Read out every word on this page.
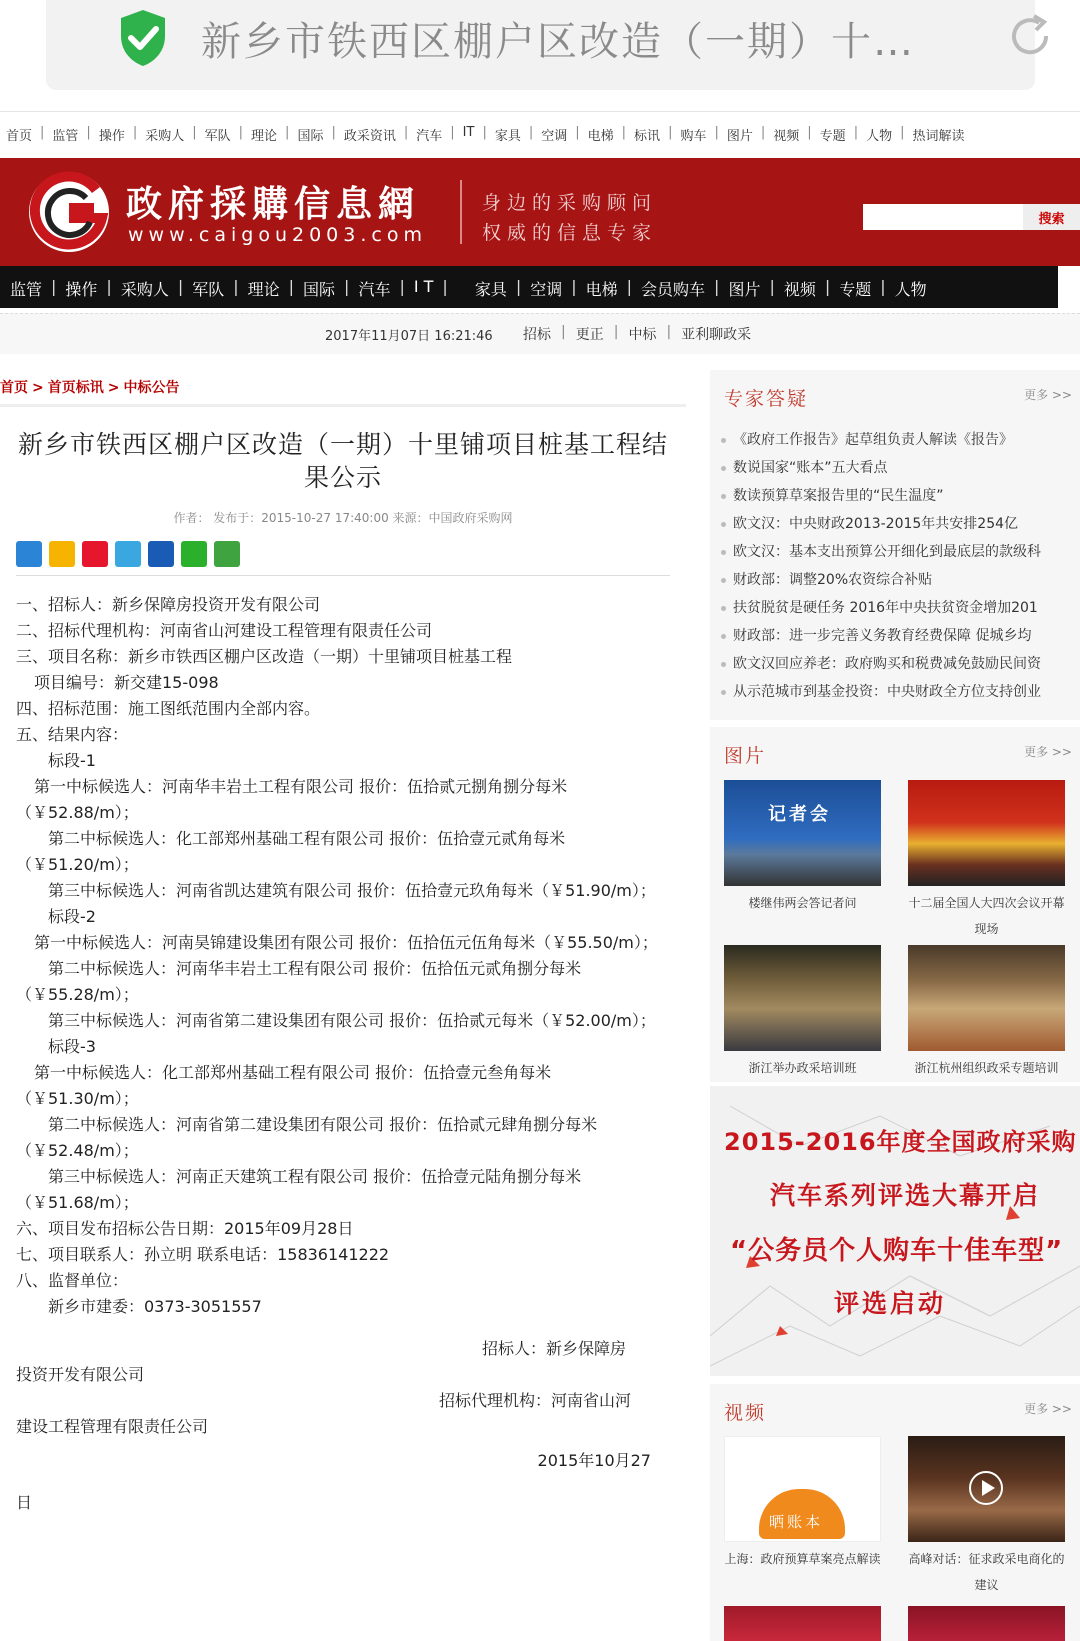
新乡市铁西区棚户区改造（一期）十…
首页 | 监管 | 操作 | 采购人 | 军队 | 理论 | 国际 | 政采资讯 | 汽车 | IT | 家具 | 空调 | 电梯 | 标讯 | 购车 | 图片 | 视频 | 专题 | 人物 | 热词解读
政府採購信息網
www.caigou2003.com
身边的采购顾问
权威的信息专家
搜索
监管 | 操作 | 采购人 | 军队 | 理论 | 国际 | 汽车 | I T | 家具 | 空调 | 电梯 | 会员购车 | 图片 | 视频 | 专题 | 人物
2017年11月07日 16:21:46 招标 | 更正 | 中标 | 亚利聊政采
首页 > 首页标讯 > 中标公告
新乡市铁西区棚户区改造（一期）十里铺项目桩基工程结果公示
作者： 发布于：2015-10-27 17:40:00 来源：中国政府采购网

一、招标人：新乡保障房投资开发有限公司

二、招标代理机构：河南省山河建设工程管理有限责任公司

三、项目名称：新乡市铁西区棚户区改造（一期）十里铺项目桩基工程

项目编号：新交建15-098

四、招标范围：施工图纸范围内全部内容。

五、结果内容：

标段-1

第一中标候选人：河南华丰岩土工程有限公司 报价：伍拾贰元捌角捌分每米（￥52.88/m）；

第二中标候选人：化工部郑州基础工程有限公司 报价：伍拾壹元贰角每米（￥51.20/m）；

第三中标候选人：河南省凯达建筑有限公司 报价：伍拾壹元玖角每米（￥51.90/m）；

标段-2

第一中标候选人：河南昊锦建设集团有限公司 报价：伍拾伍元伍角每米（￥55.50/m）；

第二中标候选人：河南华丰岩土工程有限公司 报价：伍拾伍元贰角捌分每米（￥55.28/m）；

第三中标候选人：河南省第二建设集团有限公司 报价：伍拾贰元每米（￥52.00/m）；

标段-3

第一中标候选人：化工部郑州基础工程有限公司 报价：伍拾壹元叁角每米（￥51.30/m）；

第二中标候选人：河南省第二建设集团有限公司 报价：伍拾贰元肆角捌分每米（￥52.48/m）；

第三中标候选人：河南正天建筑工程有限公司 报价：伍拾壹元陆角捌分每米（￥51.68/m）；

六、项目发布招标公告日期：2015年09月28日

七、项目联系人：孙立明 联系电话：15836141222

八、监督单位：

新乡市建委：0373-3051557

招标人：新乡保障房

投资开发有限公司

招标代理机构：河南省山河

建设工程管理有限责任公司

2015年10月27

日

专家答疑	更多 >>
《政府工作报告》起草组负责人解读《报告》
数说国家“账本”五大看点
数读预算草案报告里的“民生温度”
欧文汉：中央财政2013-2015年共安排254亿
欧文汉：基本支出预算公开细化到最底层的款级科
财政部：调整20%农资综合补贴
扶贫脱贫是硬任务 2016年中央扶贫资金增加201
财政部：进一步完善义务教育经费保障 促城乡均
欧文汉回应养老：政府购买和税费减免鼓励民间资
从示范城市到基金投资：中央财政全方位支持创业
图片	更多 >>
记者会
楼继伟两会答记者问	十二届全国人大四次会议开幕现场
浙江举办政采培训班	浙江杭州组织政采专题培训
2015-2016年度全国政府采购
汽车系列评选大幕开启
“公务员个人购车十佳车型”
评选启动
视频	更多 >>
晒账本
上海：政府预算草案亮点解读 高峰对话：征求政采电商化的建议
